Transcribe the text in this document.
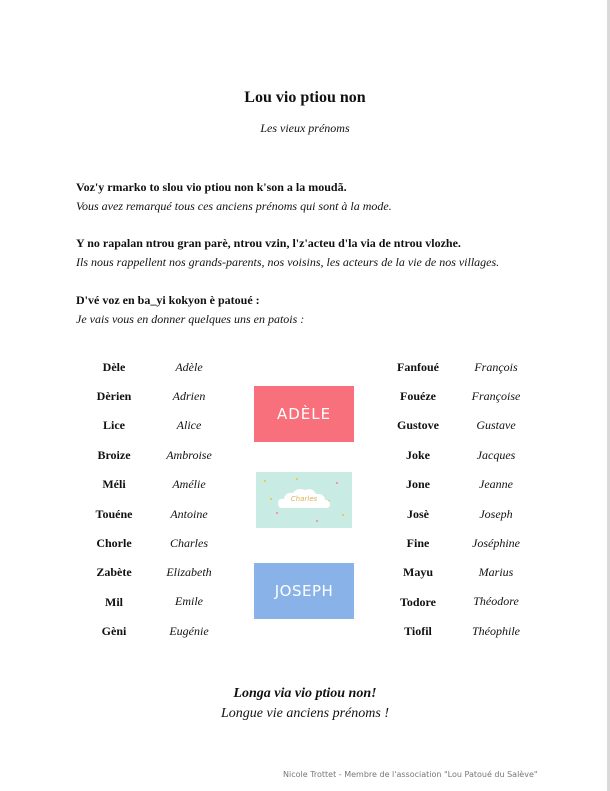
Lou vio ptiou non
Les vieux prénoms
Voz'y rmarko to slou vio ptiou non k'son a la moudã.
Vous avez remarqué tous ces anciens prénoms qui sont à la mode.
Y no rapalan ntrou gran parè, ntrou vzin, l'z'acteu d'la via de ntrou vlozhe.
Ils nous rappellent nos grands-parents, nos voisins, les acteurs de la vie de nos villages.
D'vé voz en ba_yi kokyon è patoué :
Je vais vous en donner quelques uns en patois :
Dèle	Adèle
Dèrien	Adrien
Lice	Alice
Broize	Ambroise
Méli	Amélie
Touéne	Antoine
Chorle	Charles
Zabète	Elizabeth
Mil	Emile
Gèni	Eugénie
ADÈLE
Charles
JOSEPH
Fanfoué	François
Fouéze	Françoise
Gustove	Gustave
Joke	Jacques
Jone	Jeanne
Josè	Joseph
Fine	Joséphine
Mayu	Marius
Todore	Théodore
Tiofil	Théophile
Longa via vio ptiou non!
Longue vie anciens prénoms !
Nicole Trottet - Membre de l'association "Lou Patoué du Salève"
